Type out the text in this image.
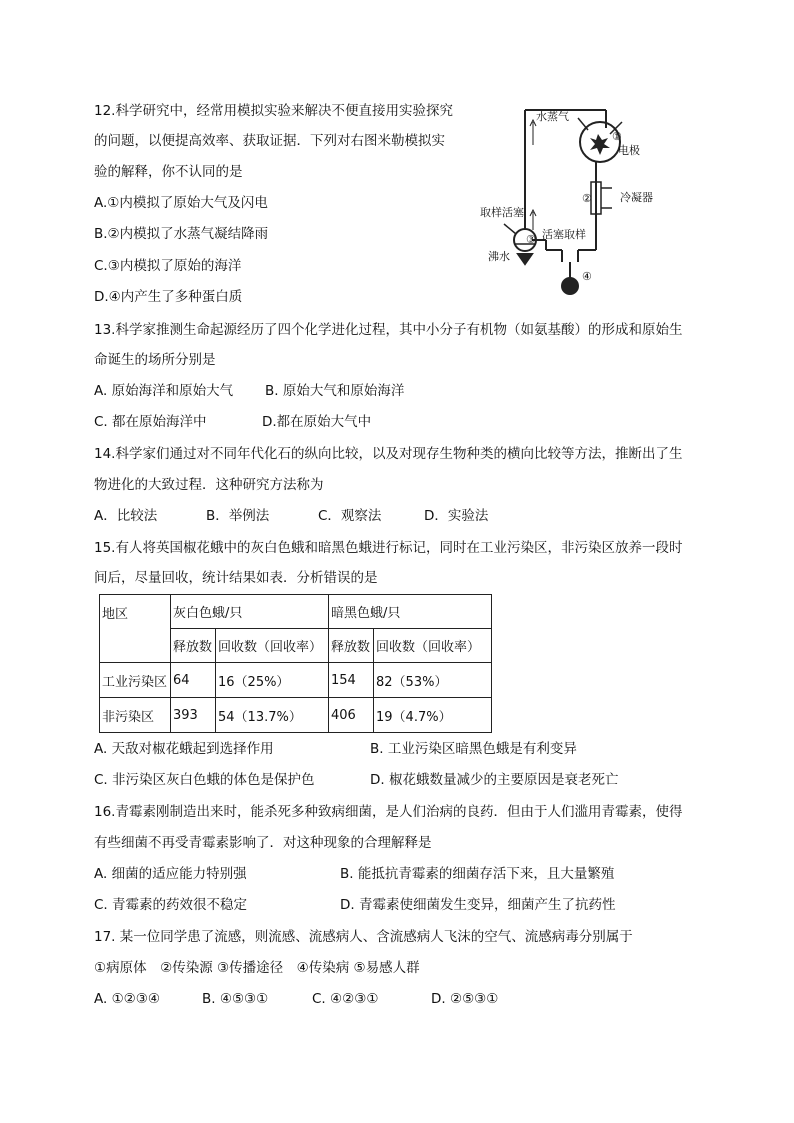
12.科学研究中，经常用模拟实验来解决不便直接用实验探究
的问题，以便提高效率、获取证据．下列对右图米勒模拟实
验的解释，你不认同的是
A.①内模拟了原始大气及闪电
B.②内模拟了水蒸气凝结降雨
C.③内模拟了原始的海洋
D.④内产生了多种蛋白质
水蒸气
电极
冷凝器
取样活塞
沸水
活塞取样
①
②
③
④
13.科学家推测生命起源经历了四个化学进化过程，其中小分子有机物（如氨基酸）的形成和原始生
命诞生的场所分别是
A. 原始海洋和原始大气 B. 原始大气和原始海洋
C. 都在原始海洋中	D.都在原始大气中
14.科学家们通过对不同年代化石的纵向比较，以及对现存生物种类的横向比较等方法，推断出了生
物进化的大致过程．这种研究方法称为
A．比较法	B．举例法	C．观察法	D．实验法
15.有人将英国椒花蛾中的灰白色蛾和暗黑色蛾进行标记，同时在工业污染区，非污染区放养一段时
间后，尽量回收，统计结果如表．分析错误的是
地区	灰白色蛾/只		暗黑色蛾/只	
	释放数	回收数（回收率）	释放数	回收数（回收率）
工业污染区	64	16（25%）	154	82（53%）
非污染区	393	54（13.7%）	406	19（4.7%）
A. 天敌对椒花蛾起到选择作用	B. 工业污染区暗黑色蛾是有利变异
C. 非污染区灰白色蛾的体色是保护色	D. 椒花蛾数量减少的主要原因是衰老死亡
16.青霉素刚制造出来时，能杀死多种致病细菌，是人们治病的良药．但由于人们滥用青霉素，使得
有些细菌不再受青霉素影响了．对这种现象的合理解释是
A. 细菌的适应能力特别强	B. 能抵抗青霉素的细菌存活下来，且大量繁殖
C. 青霉素的药效很不稳定	D. 青霉素使细菌发生变异，细菌产生了抗药性
17. 某一位同学患了流感，则流感、流感病人、含流感病人飞沫的空气、流感病毒分别属于
①病原体　②传染源 ③传播途径　④传染病 ⑤易感人群
A. ①②③④	B. ④⑤③①	C. ④②③①	D. ②⑤③①
